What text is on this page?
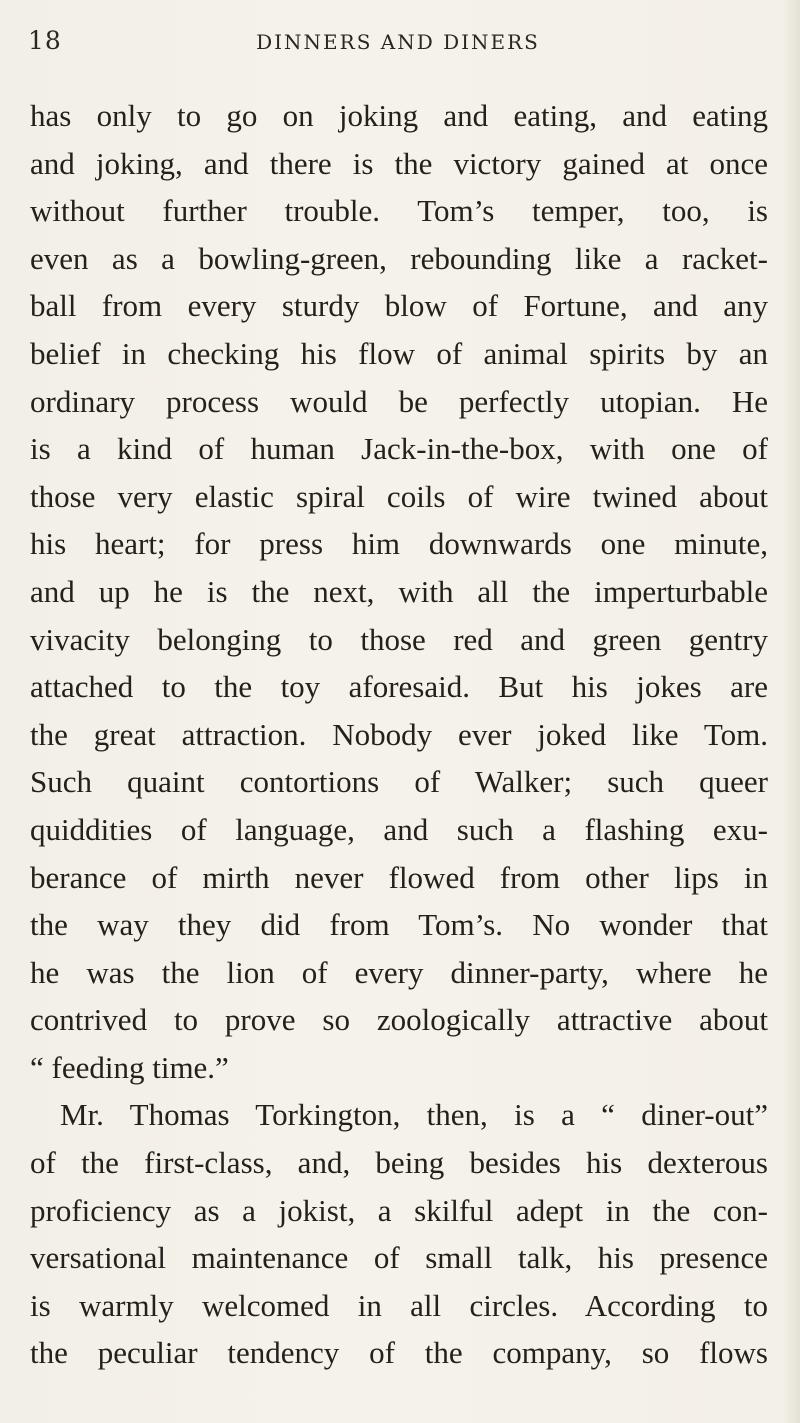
18	DINNERS AND DINERS
has only to go on joking and eating, and eating
and joking, and there is the victory gained at once
without further trouble. Tom’s temper, too, is
even as a bowling-green, rebounding like a racket-
ball from every sturdy blow of Fortune, and any
belief in checking his flow of animal spirits by an
ordinary process would be perfectly utopian. He
is a kind of human Jack-in-the-box, with one of
those very elastic spiral coils of wire twined about
his heart; for press him downwards one minute,
and up he is the next, with all the imperturbable
vivacity belonging to those red and green gentry
attached to the toy aforesaid. But his jokes are
the great attraction. Nobody ever joked like Tom.
Such quaint contortions of Walker; such queer
quiddities of language, and such a flashing exu-
berance of mirth never flowed from other lips in
the way they did from Tom’s. No wonder that
he was the lion of every dinner-party, where he
contrived to prove so zoologically attractive about
“ feeding time.”
Mr. Thomas Torkington, then, is a “ diner-out”
of the first-class, and, being besides his dexterous
proficiency as a jokist, a skilful adept in the con-
versational maintenance of small talk, his presence
is warmly welcomed in all circles. According to
the peculiar tendency of the company, so flows
